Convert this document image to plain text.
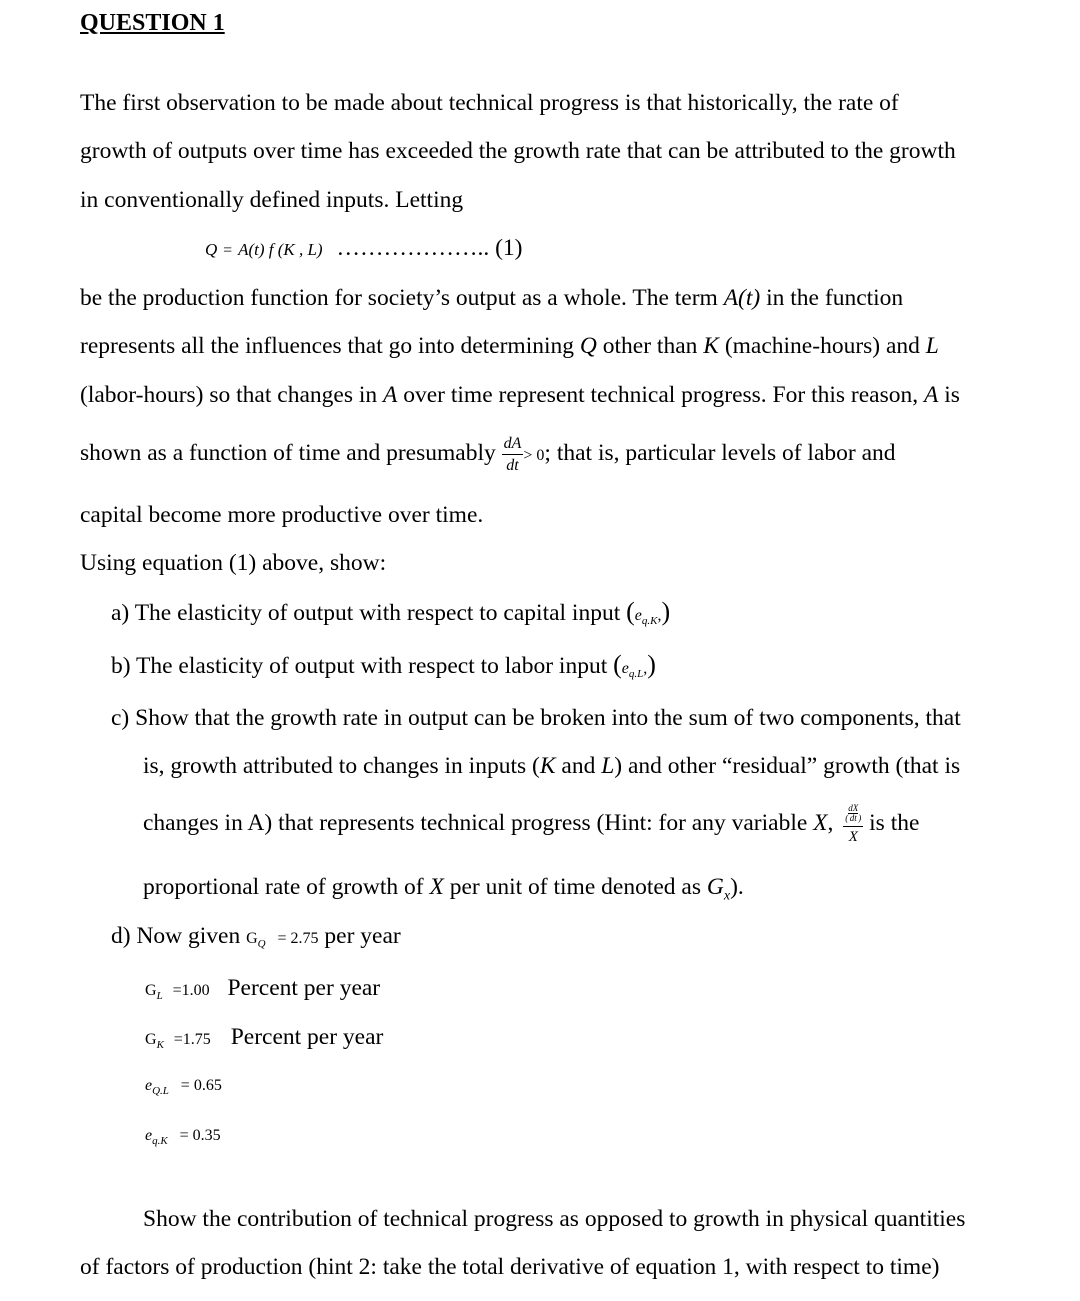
QUESTION 1
The first observation to be made about technical progress is that historically, the rate of
growth of outputs over time has exceeded the growth rate that can be attributed to the growth
in conventionally defined inputs. Letting
Q = A(t) f (K , L) ……………….. (1)
be the production function for society’s output as a whole. The term A(t) in the function
represents all the influences that go into determining Q other than K (machine-hours) and L
(labor-hours) so that changes in A over time represent technical progress. For this reason, A is
shown as a function of time and presumably $\frac{dA}{dt} > 0$; that is, particular levels of labor and
capital become more productive over time.
Using equation (1) above, show:
a) The elasticity of output with respect to capital input (eq.K,)
b) The elasticity of output with respect to labor input (eq.L,)
c) Show that the growth rate in output can be broken into the sum of two components, that
is, growth attributed to changes in inputs (K and L) and other “residual” growth (that is
changes in A) that represents technical progress (Hint: for any variable X, $\frac{( \frac{dX}{dt} )}{X}$ is the
proportional rate of growth of X per unit of time denoted as $G_x$).
d) Now given GQ = 2.75 per year
GL =1.00 Percent per year
GK =1.75 Percent per year
eQ.L = 0.65
eq.K = 0.35
Show the contribution of technical progress as opposed to growth in physical quantities
of factors of production (hint 2: take the total derivative of equation 1, with respect to time)
